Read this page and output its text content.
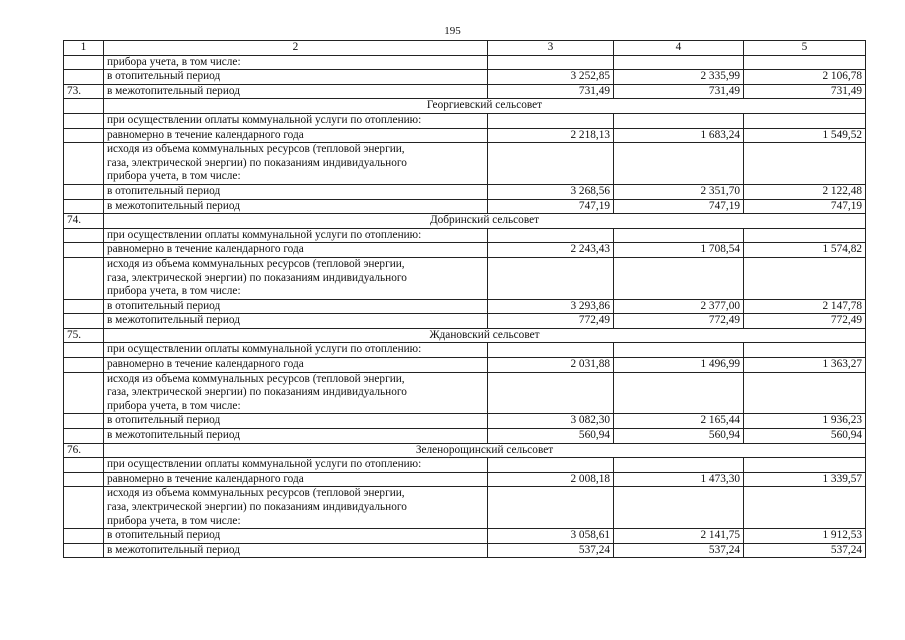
195
1	2	3	4	5
	прибора учета, в том числе:			
	в отопительный период	3 252,85	2 335,99	2 106,78
73.	в межотопительный период	731,49	731,49	731,49
	Георгиевский сельсовет			
	при осуществлении оплаты коммунальной услуги по отоплению:			
	равномерно в течение календарного года	2 218,13	1 683,24	1 549,52

	исходя из объема коммунальных ресурсов (тепловой энергии,
газа, электрической энергии) по показаниям индивидуального
прибора учета, в том числе:			

	в отопительный период	3 268,56	2 351,70	2 122,48
	в межотопительный период	747,19	747,19	747,19
74.	Добринский сельсовет			
	при осуществлении оплаты коммунальной услуги по отоплению:			
	равномерно в течение календарного года	2 243,43	1 708,54	1 574,82

	исходя из объема коммунальных ресурсов (тепловой энергии,
газа, электрической энергии) по показаниям индивидуального
прибора учета, в том числе:			

	в отопительный период	3 293,86	2 377,00	2 147,78
	в межотопительный период	772,49	772,49	772,49
75.	Ждановский сельсовет			
	при осуществлении оплаты коммунальной услуги по отоплению:			
	равномерно в течение календарного года	2 031,88	1 496,99	1 363,27

	исходя из объема коммунальных ресурсов (тепловой энергии,
газа, электрической энергии) по показаниям индивидуального
прибора учета, в том числе:			

	в отопительный период	3 082,30	2 165,44	1 936,23
	в межотопительный период	560,94	560,94	560,94
76.	Зеленорощинский сельсовет			
	при осуществлении оплаты коммунальной услуги по отоплению:			
	равномерно в течение календарного года	2 008,18	1 473,30	1 339,57

	исходя из объема коммунальных ресурсов (тепловой энергии,
газа, электрической энергии) по показаниям индивидуального
прибора учета, в том числе:			

	в отопительный период	3 058,61	2 141,75	1 912,53
	в межотопительный период	537,24	537,24	537,24
